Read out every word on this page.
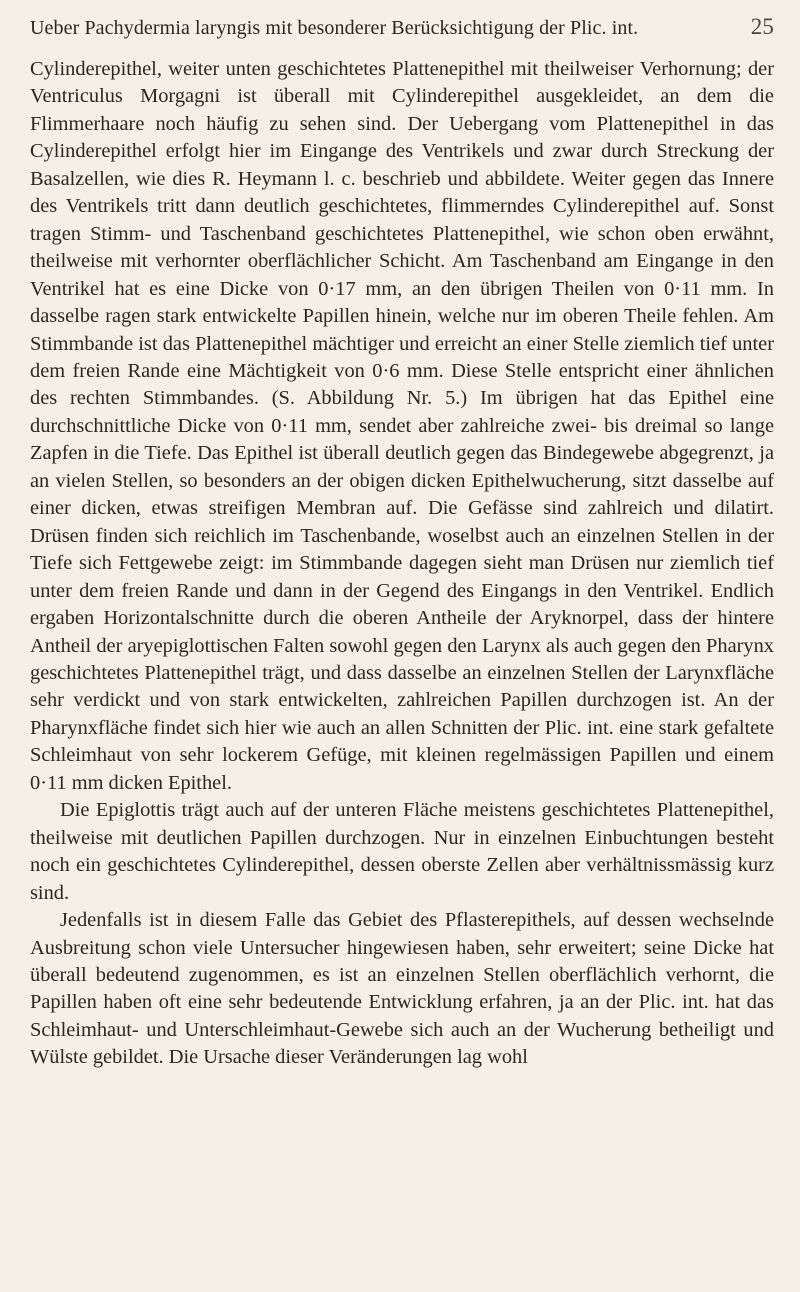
Ueber Pachydermia laryngis mit besonderer Berücksichtigung der Plic. int.	25

Cylinderepithel, weiter unten geschichtetes Plattenepithel mit theilweiser Verhornung; der Ventriculus Morgagni ist überall mit Cylinderepithel ausgekleidet, an dem die Flimmerhaare noch häufig zu sehen sind. Der Uebergang vom Plattenepithel in das Cylinderepithel erfolgt hier im Eingange des Ventrikels und zwar durch Streckung der Basalzellen, wie dies R. Heymann l. c. beschrieb und abbildete. Weiter gegen das Innere des Ventrikels tritt dann deutlich geschichtetes, flimmerndes Cylinderepithel auf. Sonst tragen Stimm- und Taschenband geschichtetes Plattenepithel, wie schon oben erwähnt, theilweise mit verhornter oberflächlicher Schicht. Am Taschenband am Eingange in den Ventrikel hat es eine Dicke von 0·17 mm, an den übrigen Theilen von 0·11 mm. In dasselbe ragen stark entwickelte Papillen hinein, welche nur im oberen Theile fehlen. Am Stimmbande ist das Plattenepithel mächtiger und erreicht an einer Stelle ziemlich tief unter dem freien Rande eine Mächtigkeit von 0·6 mm. Diese Stelle entspricht einer ähnlichen des rechten Stimmbandes. (S. Abbildung Nr. 5.) Im übrigen hat das Epithel eine durchschnittliche Dicke von 0·11 mm, sendet aber zahlreiche zwei- bis dreimal so lange Zapfen in die Tiefe. Das Epithel ist überall deutlich gegen das Bindegewebe abgegrenzt, ja an vielen Stellen, so besonders an der obigen dicken Epithelwucherung, sitzt dasselbe auf einer dicken, etwas streifigen Membran auf. Die Gefässe sind zahlreich und dilatirt. Drüsen finden sich reichlich im Taschenbande, woselbst auch an einzelnen Stellen in der Tiefe sich Fettgewebe zeigt: im Stimmbande dagegen sieht man Drüsen nur ziemlich tief unter dem freien Rande und dann in der Gegend des Eingangs in den Ventrikel. Endlich ergaben Horizontalschnitte durch die oberen Antheile der Aryknorpel, dass der hintere Antheil der aryepiglottischen Falten sowohl gegen den Larynx als auch gegen den Pharynx geschichtetes Plattenepithel trägt, und dass dasselbe an einzelnen Stellen der Larynxfläche sehr verdickt und von stark entwickelten, zahlreichen Papillen durchzogen ist. An der Pharynxfläche findet sich hier wie auch an allen Schnitten der Plic. int. eine stark gefaltete Schleimhaut von sehr lockerem Gefüge, mit kleinen regelmässigen Papillen und einem 0·11 mm dicken Epithel.

Die Epiglottis trägt auch auf der unteren Fläche meistens geschichtetes Plattenepithel, theilweise mit deutlichen Papillen durchzogen. Nur in einzelnen Einbuchtungen besteht noch ein geschichtetes Cylinderepithel, dessen oberste Zellen aber verhältnissmässig kurz sind.

Jedenfalls ist in diesem Falle das Gebiet des Pflasterepithels, auf dessen wechselnde Ausbreitung schon viele Untersucher hingewiesen haben, sehr erweitert; seine Dicke hat überall bedeutend zugenommen, es ist an einzelnen Stellen oberflächlich verhornt, die Papillen haben oft eine sehr bedeutende Entwicklung erfahren, ja an der Plic. int. hat das Schleimhaut- und Unterschleimhaut-Gewebe sich auch an der Wucherung betheiligt und Wülste gebildet. Die Ursache dieser Veränderungen lag wohl
